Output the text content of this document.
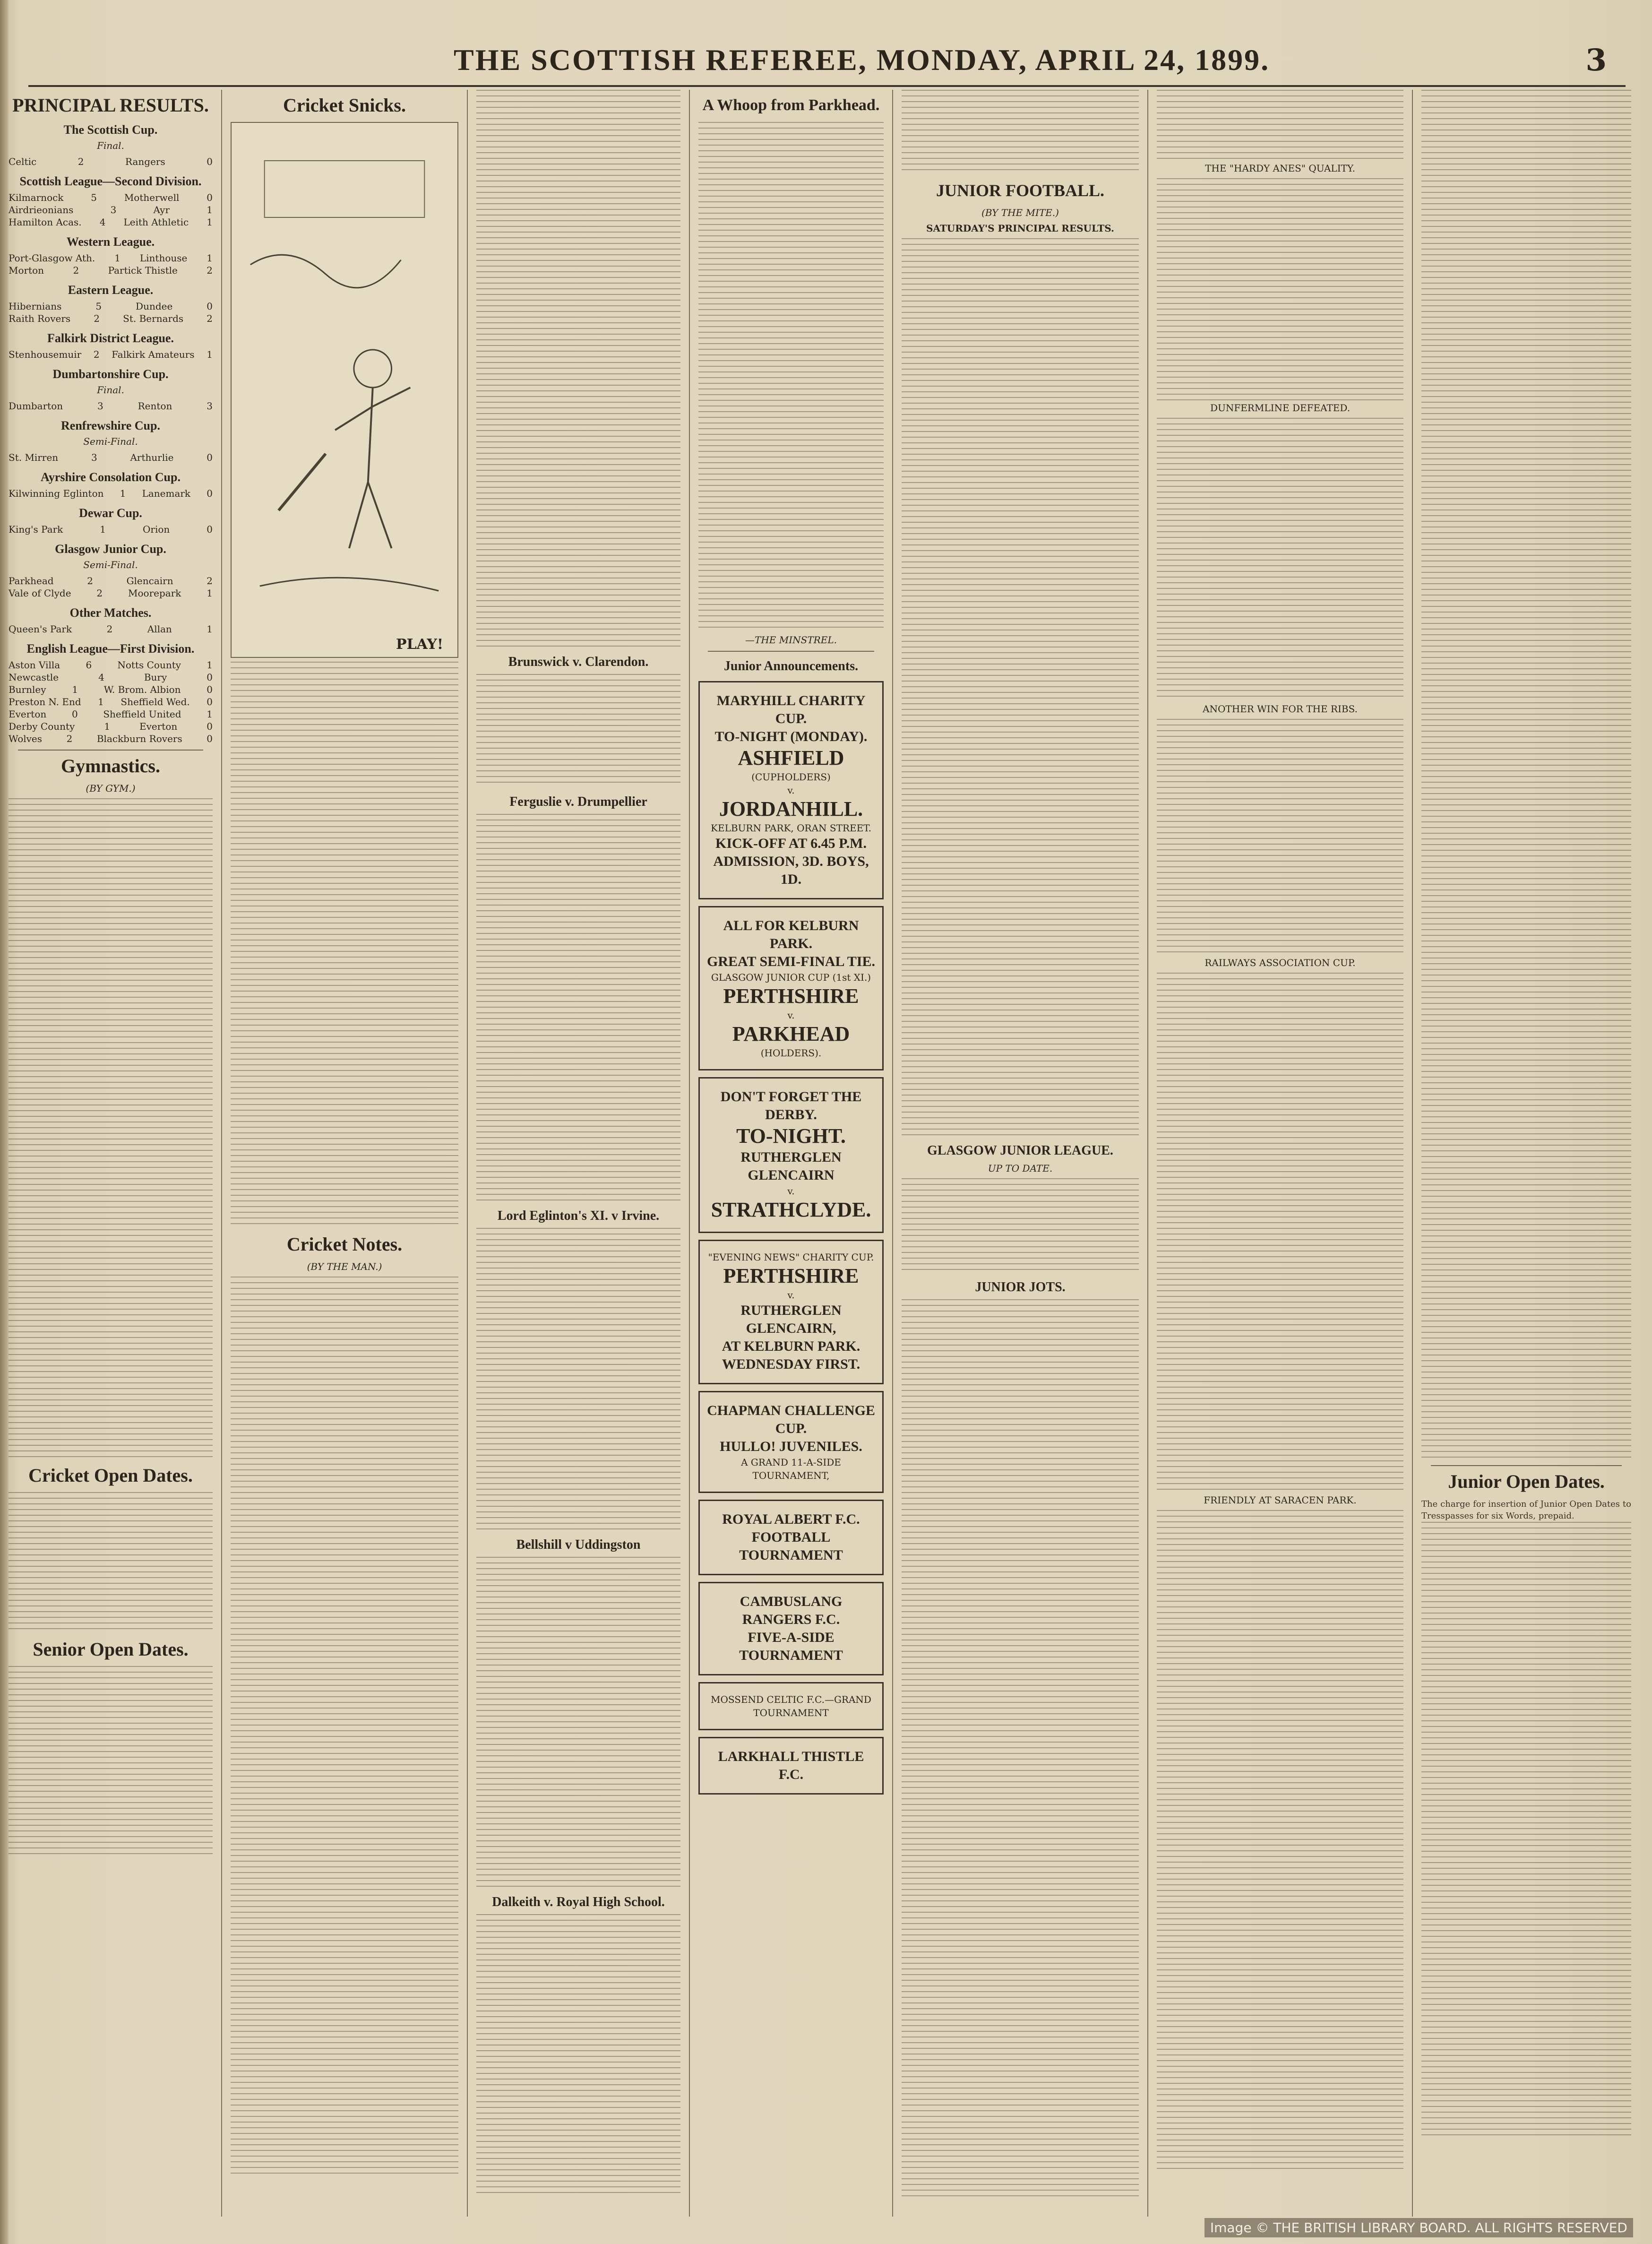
THE SCOTTISH REFEREE, MONDAY, APRIL 24, 1899.	3
PRINCIPAL RESULTS.
The Scottish Cup.
Final.
Celtic	2	Rangers	0
Scottish League—Second Division.
Kilmarnock	5	Motherwell	0
Airdrieonians	3	Ayr	1
Hamilton Acas. 4 Leith Athletic 1
Western League.
Port-Glasgow Ath. 1 Linthouse 1
Morton	2	Partick Thistle	2
Eastern League.
Hibernians	5	Dundee	0
Raith Rovers 2 St. Bernards 2
Falkirk District League.
Stenhousemuir 2 Falkirk Amateurs 1
Dumbartonshire Cup.
Final.
Dumbarton	3	Renton	3
Renfrewshire Cup.
Semi-Final.
St. Mirren	3	Arthurlie	0
Ayrshire Consolation Cup.
Kilwinning Eglinton 1 Lanemark 0
Dewar Cup.
King's Park	1	Orion	0
Glasgow Junior Cup.
Semi-Final.
Parkhead	2	Glencairn	2
Vale of Clyde	2	Moorepark	1
Other Matches.
Queen's Park	2	Allan	1
English League—First Division.
Aston Villa	6	Notts County	1
Newcastle	4	Bury	0
Burnley	1	W. Brom. Albion	0
Preston N. End 1 Sheffield Wed. 0
Everton	0	Sheffield United	1
Derby County	1	Everton	0
Wolves	2	Blackburn Rovers	0
Gymnastics.
(BY GYM.)
Cricket Open Dates.
Senior Open Dates.
Cricket Snicks.
PLAY!
Cricket Notes.
(BY THE MAN.)
Brunswick v. Clarendon.
Ferguslie v. Drumpellier
Lord Eglinton's XI. v Irvine.
Bellshill v Uddingston
Dalkeith v. Royal High School.
A Whoop from Parkhead.
—THE MINSTREL.
Junior Announcements.
MARYHILL CHARITY CUP.
TO-NIGHT (MONDAY).
ASHFIELD
(CUPHOLDERS)
v.
JORDANHILL.
KELBURN PARK, ORAN STREET.
KICK-OFF AT 6.45 P.M.
ADMISSION, 3D. BOYS, 1D.
ALL FOR KELBURN PARK.
GREAT SEMI-FINAL TIE.
GLASGOW JUNIOR CUP (1st XI.)
PERTHSHIRE
v.
PARKHEAD
(HOLDERS).
DON'T FORGET THE DERBY.
TO-NIGHT.
RUTHERGLEN GLENCAIRN
v.
STRATHCLYDE.
"EVENING NEWS" CHARITY CUP.
PERTHSHIRE
v.
RUTHERGLEN GLENCAIRN,
AT KELBURN PARK.
WEDNESDAY FIRST.
CHAPMAN CHALLENGE CUP.
HULLO! JUVENILES.
A GRAND 11-A-SIDE TOURNAMENT,
ROYAL ALBERT F.C.
FOOTBALL TOURNAMENT
CAMBUSLANG RANGERS F.C.
FIVE-A-SIDE TOURNAMENT
MOSSEND CELTIC F.C.—GRAND TOURNAMENT
LARKHALL THISTLE F.C.
JUNIOR FOOTBALL.
(BY THE MITE.)
SATURDAY'S PRINCIPAL RESULTS.
GLASGOW JUNIOR LEAGUE.
UP TO DATE.
JUNIOR JOTS.
THE "HARDY ANES" QUALITY.
DUNFERMLINE DEFEATED.
ANOTHER WIN FOR THE RIBS.
RAILWAYS ASSOCIATION CUP.
FRIENDLY AT SARACEN PARK.
Junior Open Dates.
The charge for insertion of Junior Open Dates to Tresspasses for six Words, prepaid.
Image © THE BRITISH LIBRARY BOARD. ALL RIGHTS RESERVED
